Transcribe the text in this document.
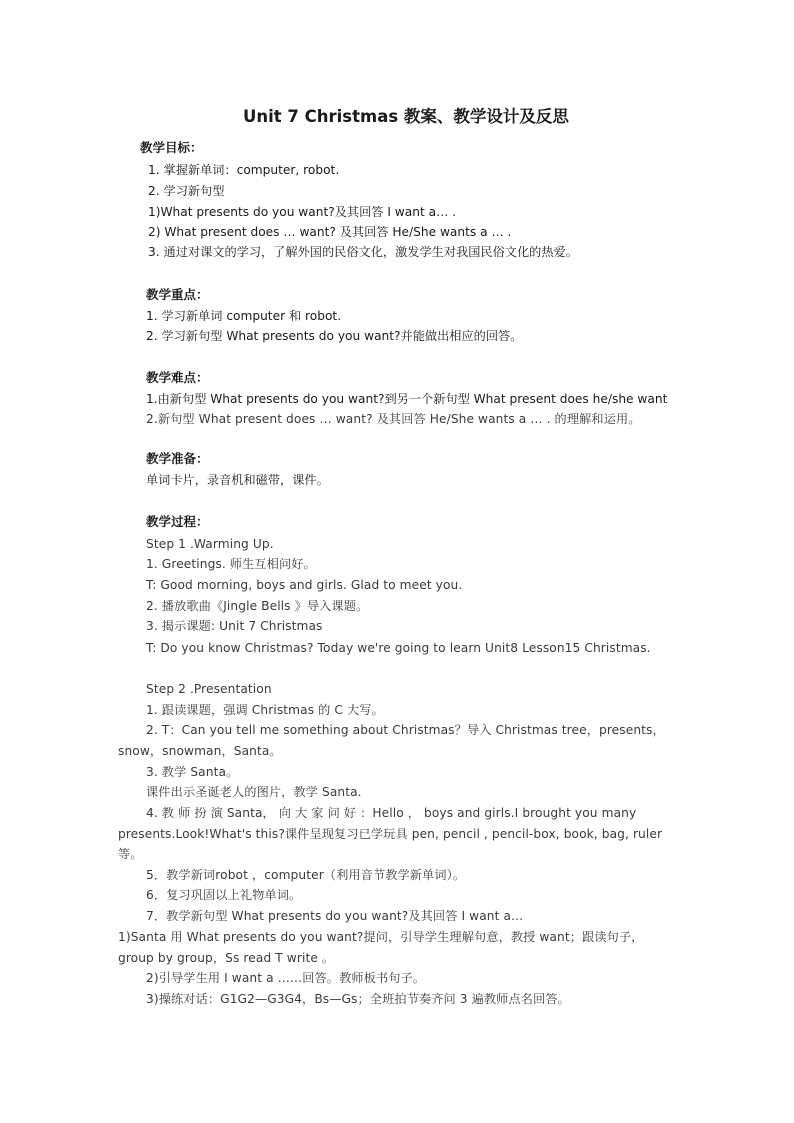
Unit 7 Christmas 教案、教学设计及反思
教学目标：
1. 掌握新单词：computer, robot.
2. 学习新句型
1)What presents do you want?及其回答 I want a… .
2) What present does … want? 及其回答 He/She wants a … .
3. 通过对课文的学习，了解外国的民俗文化，激发学生对我国民俗文化的热爱。
教学重点：
1. 学习新单词 computer 和 robot.
2. 学习新句型 What presents do you want?并能做出相应的回答。
教学难点：
1.由新句型 What presents do you want?到另一个新句型 What present does he/she want
2.新句型 What present does … want? 及其回答 He/She wants a … . 的理解和运用。
教学准备：
单词卡片，录音机和磁带，课件。
教学过程：
Step 1 .Warming Up.
1. Greetings. 师生互相问好。
T: Good morning, boys and girls. Glad to meet you.
2. 播放歌曲《Jingle Bells 》导入课题。
3. 揭示课题: Unit 7 Christmas
T: Do you know Christmas? Today we're going to learn Unit8 Lesson15 Christmas.
Step 2 .Presentation
1. 跟读课题，强调 Christmas 的 C 大写。
2. T：Can you tell me something about Christmas？导入 Christmas tree，presents，
snow，snowman，Santa。
3. 教学 Santa。
课件出示圣诞老人的图片，教学 Santa.
4. 教 师 扮 演 Santa， 向 大 家 问 好 ：Hello ， boys and girls.I brought you many
presents.Look!What's this?课件呈现复习已学玩具 pen, pencil , pencil-box, book, bag, ruler
等。
5．教学新词robot ，computer（利用音节教学新单词）。
6．复习巩固以上礼物单词。
7．教学新句型 What presents do you want?及其回答 I want a…
1)Santa 用 What presents do you want?提问，引导学生理解句意，教授 want；跟读句子，
group by group，Ss read T write 。
2)引导学生用 I want a ……回答。教师板书句子。
3)操练对话：G1G2—G3G4，Bs—Gs；全班拍节奏齐问 3 遍教师点名回答。
